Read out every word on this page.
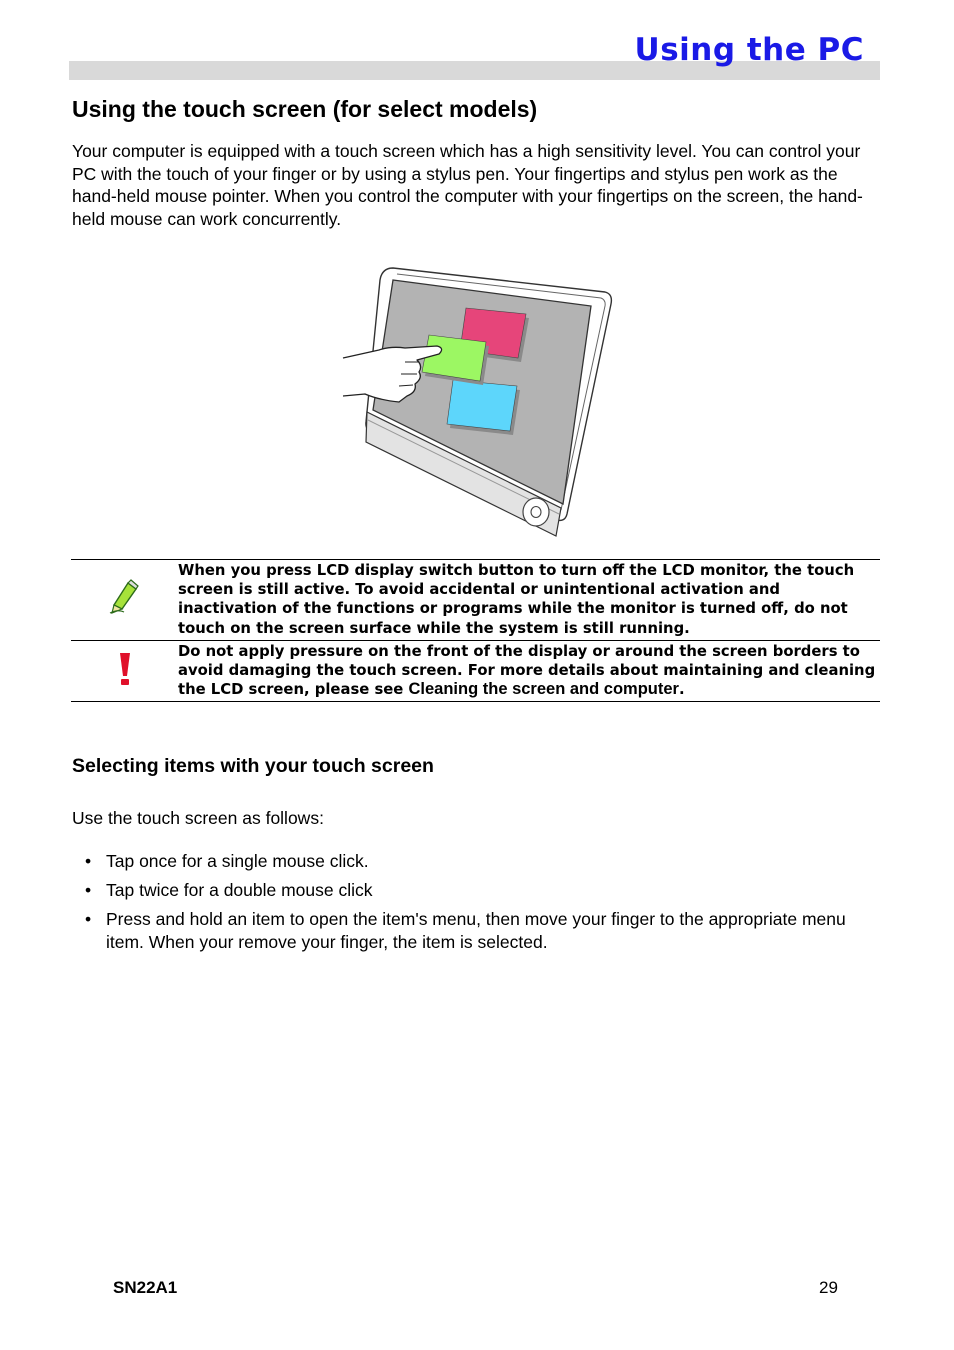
Using the PC
Using the touch screen (for select models)
Your computer is equipped with a touch screen which has a high sensitivity level. You can control your PC with the touch of your finger or by using a stylus pen. Your fingertips and stylus pen work as the hand-held mouse pointer. When you control the computer with your fingertips on the screen, the hand-held mouse can work concurrently.
	When you press LCD display switch button to turn off the LCD monitor, the touch screen is still active. To avoid accidental or unintentional activation and inactivation of the functions or programs while the monitor is turned off, do not touch on the screen surface while the system is still running.
	Do not apply pressure on the front of the display or around the screen borders to avoid damaging the touch screen. For more details about maintaining and cleaning the LCD screen, please see Cleaning the screen and computer.
Selecting items with your touch screen
Use the touch screen as follows:
• Tap once for a single mouse click.
• Tap twice for a double mouse click
• Press and hold an item to open the item's menu, then move your finger to the appropriate menu item. When your remove your finger, the item is selected.
SN22A1	29
